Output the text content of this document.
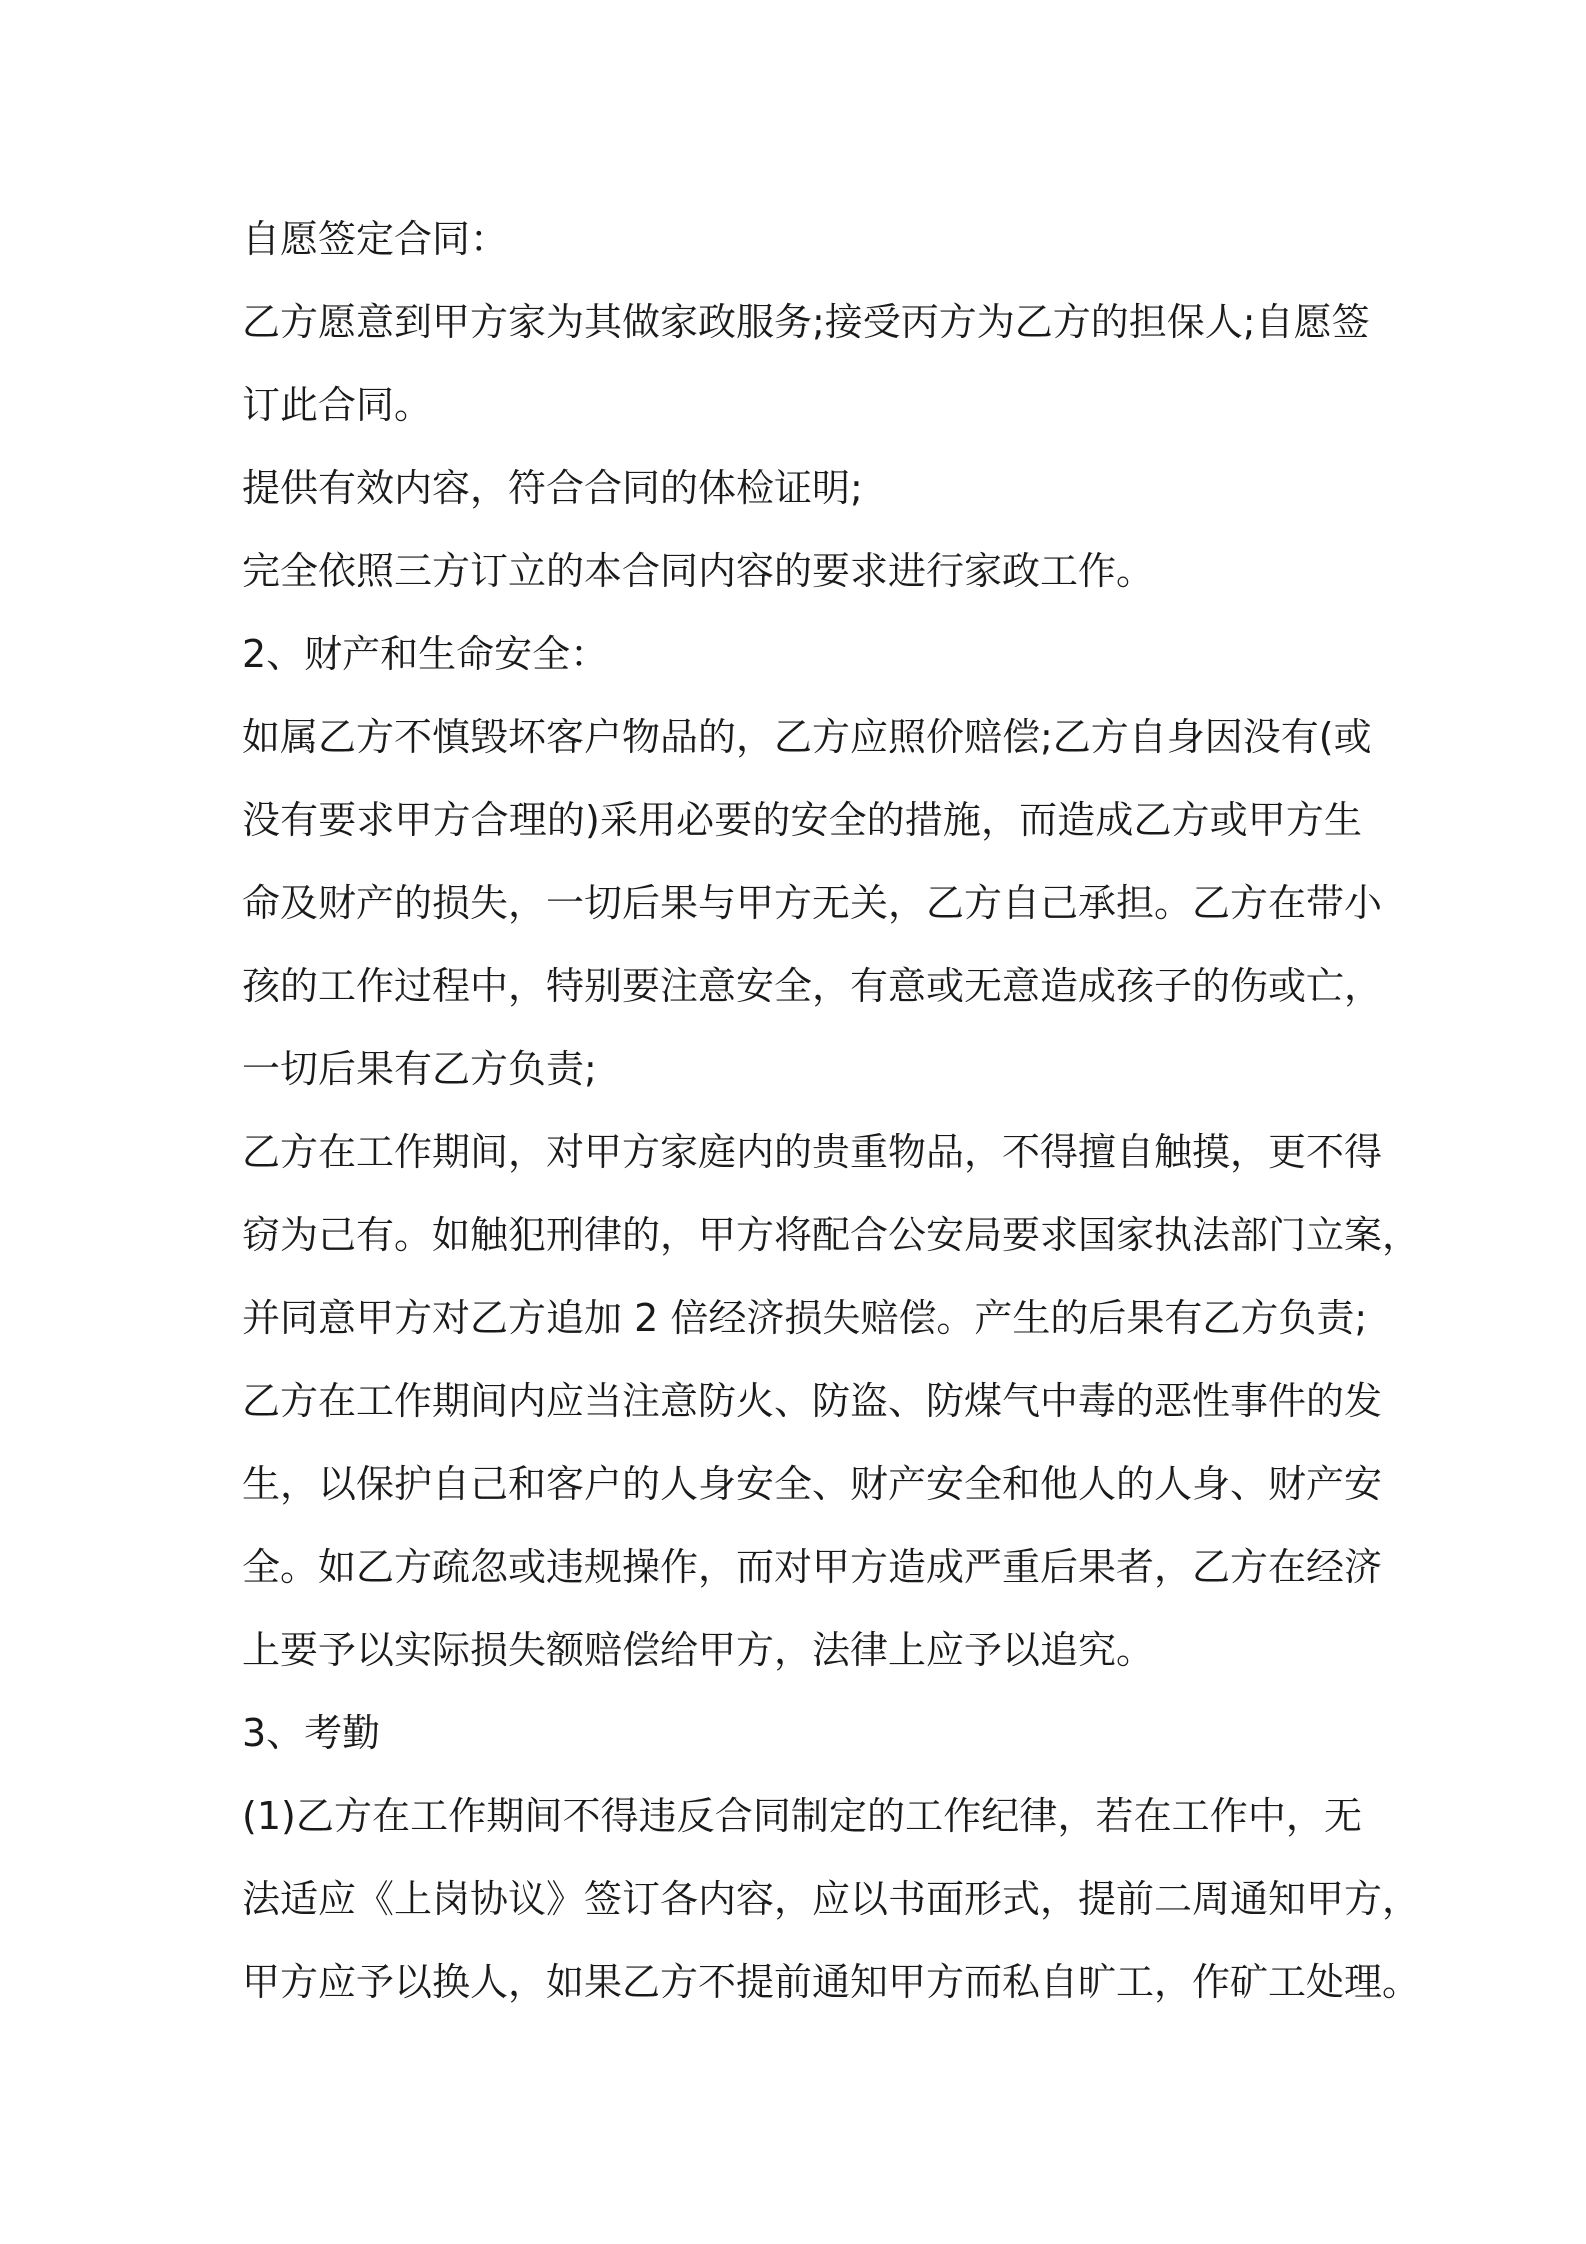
自愿签定合同：
乙方愿意到甲方家为其做家政服务;接受丙方为乙方的担保人;自愿签
订此合同。
提供有效内容，符合合同的体检证明;
完全依照三方订立的本合同内容的要求进行家政工作。
2、财产和生命安全：
如属乙方不慎毁坏客户物品的，乙方应照价赔偿;乙方自身因没有(或
没有要求甲方合理的)采用必要的安全的措施，而造成乙方或甲方生
命及财产的损失，一切后果与甲方无关，乙方自己承担。乙方在带小
孩的工作过程中，特别要注意安全，有意或无意造成孩子的伤或亡，
一切后果有乙方负责;
乙方在工作期间，对甲方家庭内的贵重物品，不得擅自触摸，更不得
窃为己有。如触犯刑律的，甲方将配合公安局要求国家执法部门立案，
并同意甲方对乙方追加 2 倍经济损失赔偿。产生的后果有乙方负责;
乙方在工作期间内应当注意防火、防盗、防煤气中毒的恶性事件的发
生，以保护自己和客户的人身安全、财产安全和他人的人身、财产安
全。如乙方疏忽或违规操作，而对甲方造成严重后果者，乙方在经济
上要予以实际损失额赔偿给甲方，法律上应予以追究。
3、考勤
(1)乙方在工作期间不得违反合同制定的工作纪律，若在工作中，无
法适应《上岗协议》签订各内容，应以书面形式，提前二周通知甲方，
甲方应予以换人，如果乙方不提前通知甲方而私自旷工，作矿工处理。
